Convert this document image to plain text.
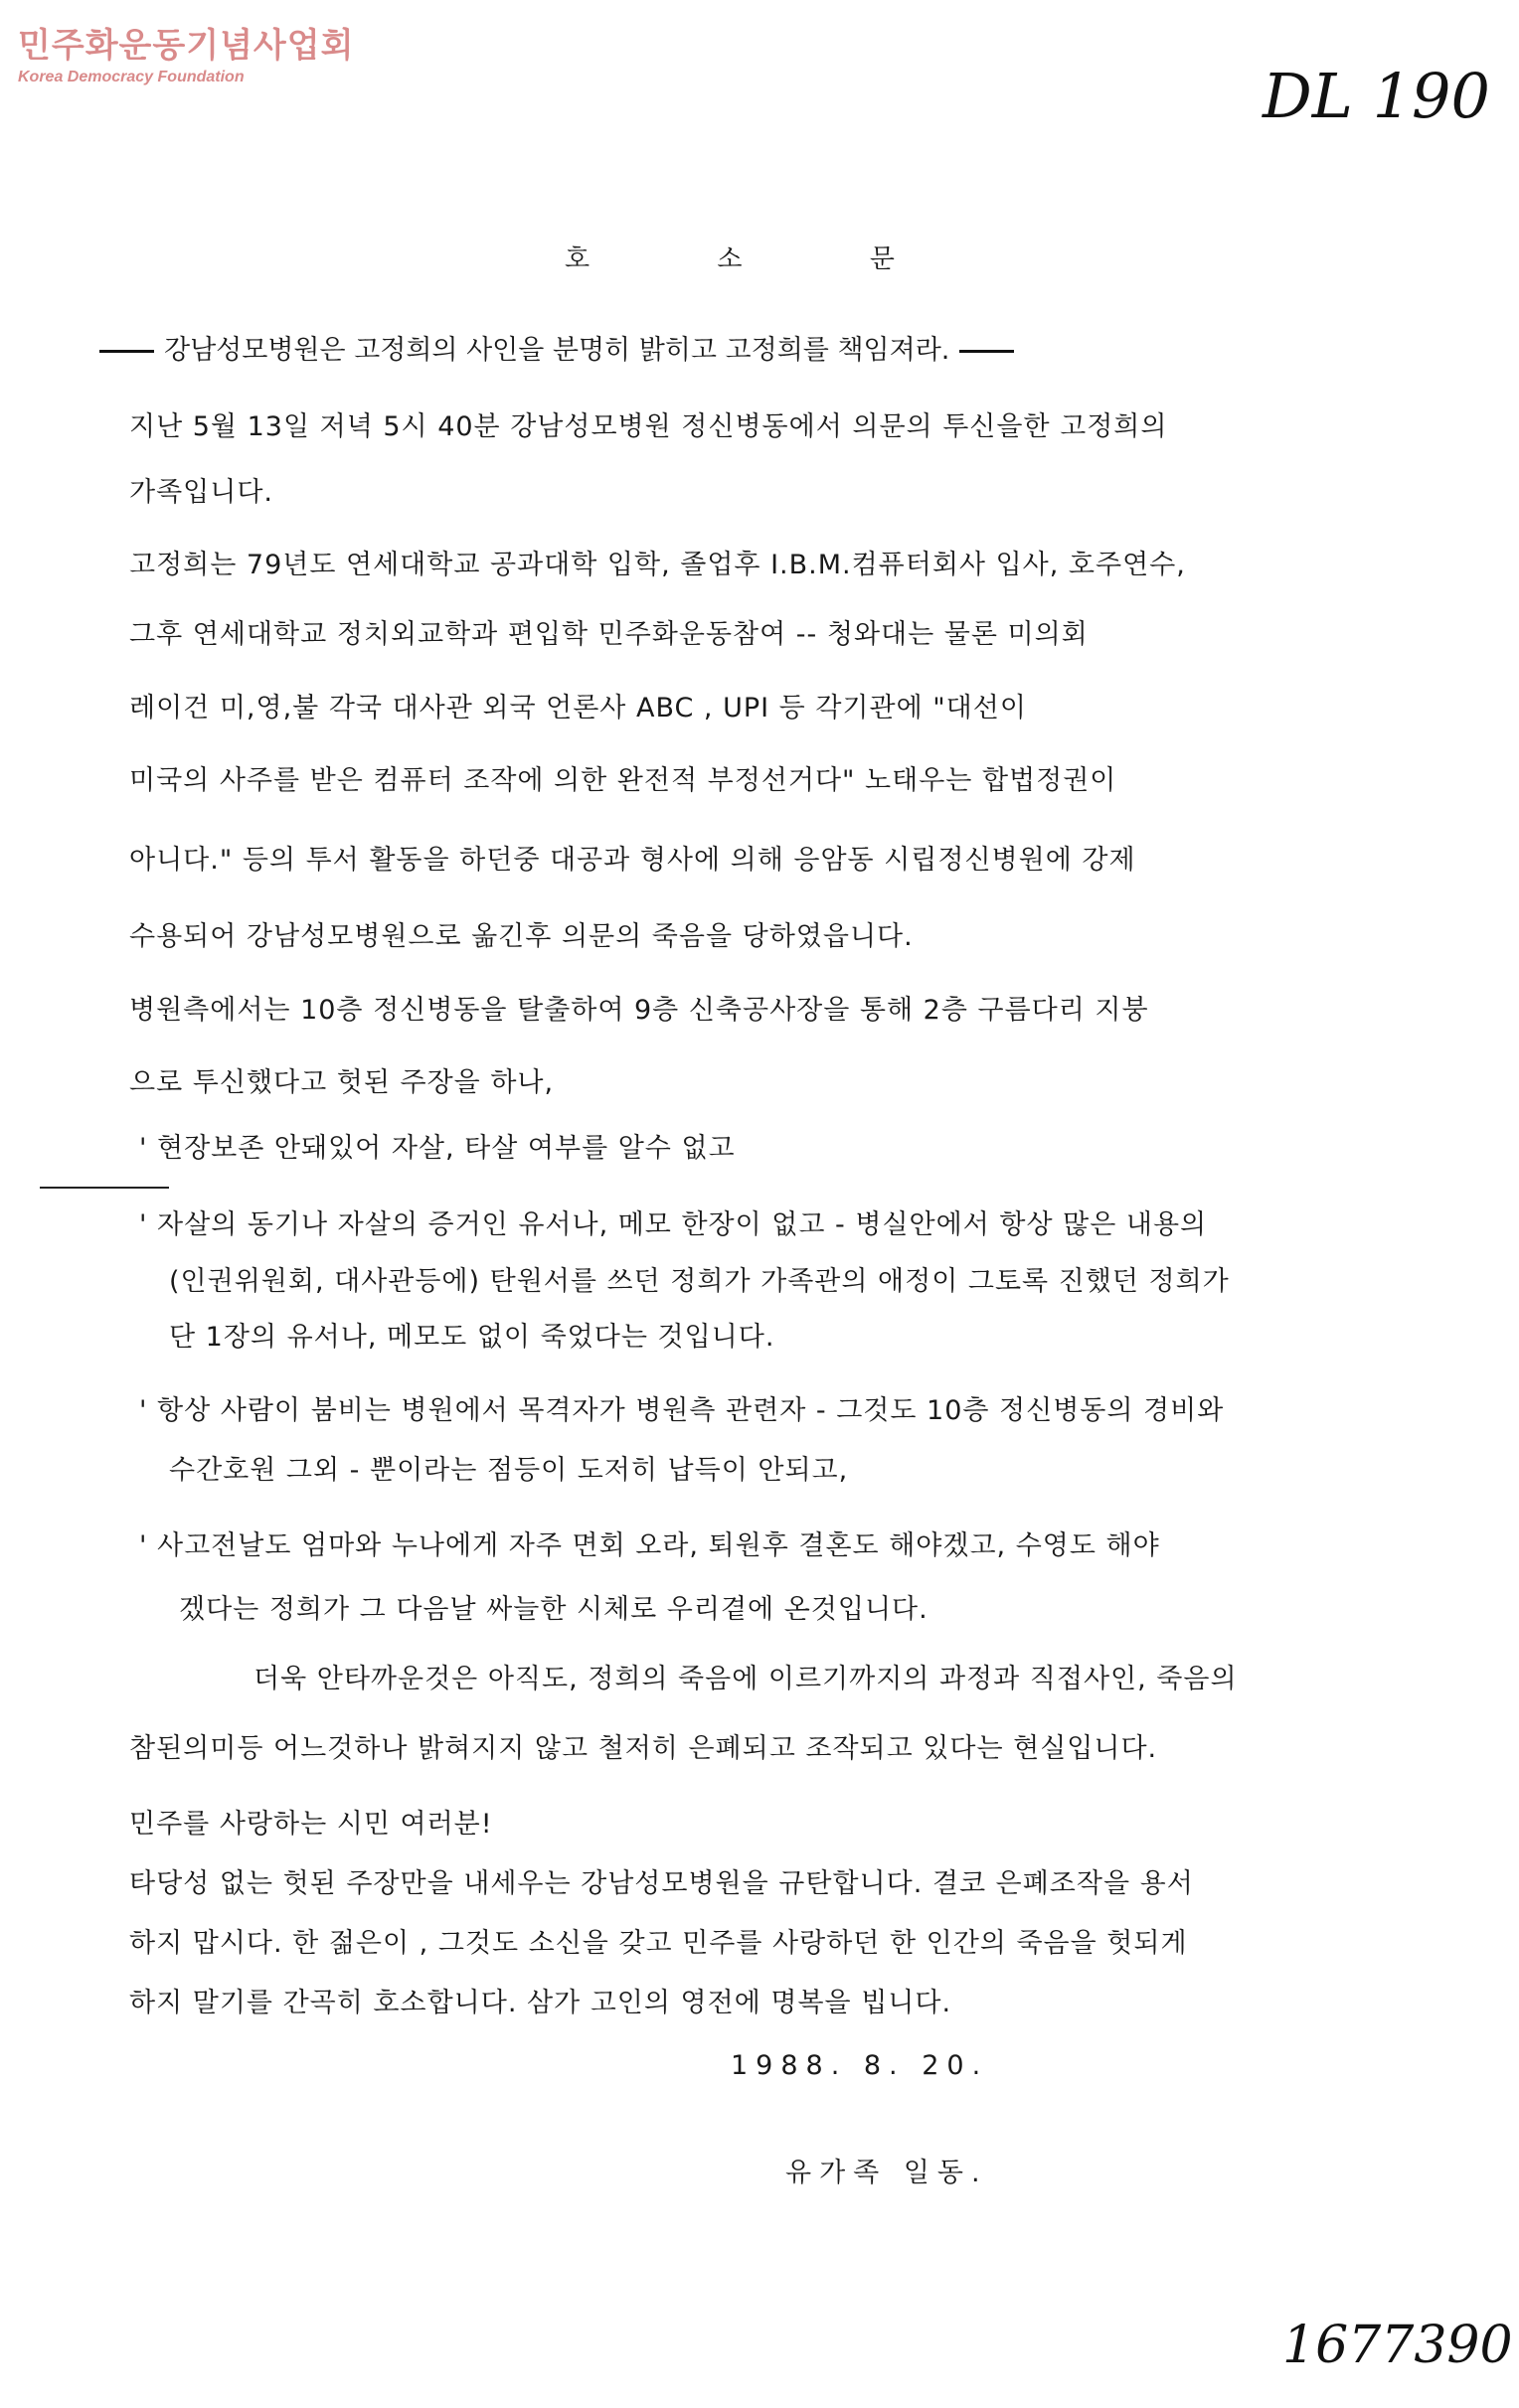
민주화운동기념사업회
Korea Democracy Foundation	DL 190
호 소 문
강남성모병원은 고정희의 사인을 분명히 밝히고 고정희를 책임져라.
지난 5월 13일 저녁 5시 40분 강남성모병원 정신병동에서 의문의 투신을한 고정희의
가족입니다.
고정희는 79년도 연세대학교 공과대학 입학, 졸업후 I.B.M.컴퓨터회사 입사, 호주연수,
그후 연세대학교 정치외교학과 편입학 민주화운동참여 -- 청와대는 물론 미의회
레이건 미,영,불 각국 대사관 외국 언론사 ABC , UPI 등 각기관에 "대선이
미국의 사주를 받은 컴퓨터 조작에 의한 완전적 부정선거다" 노태우는 합법정권이
아니다." 등의 투서 활동을 하던중 대공과 형사에 의해 응암동 시립정신병원에 강제
수용되어 강남성모병원으로 옮긴후 의문의 죽음을 당하였읍니다.
병원측에서는 10층 정신병동을 탈출하여 9층 신축공사장을 통해 2층 구름다리 지붕
으로 투신했다고 헛된 주장을 하나,
' 현장보존 안돼있어 자살, 타살 여부를 알수 없고
' 자살의 동기나 자살의 증거인 유서나, 메모 한장이 없고 - 병실안에서 항상 많은 내용의
(인권위원회, 대사관등에) 탄원서를 쓰던 정희가 가족관의 애정이 그토록 진했던 정희가
단 1장의 유서나, 메모도 없이 죽었다는 것입니다.
' 항상 사람이 붐비는 병원에서 목격자가 병원측 관련자 - 그것도 10층 정신병동의 경비와
수간호원 그외 - 뿐이라는 점등이 도저히 납득이 안되고,
' 사고전날도 엄마와 누나에게 자주 면회 오라, 퇴원후 결혼도 해야겠고, 수영도 해야
겠다는 정희가 그 다음날 싸늘한 시체로 우리곁에 온것입니다.
더욱 안타까운것은 아직도, 정희의 죽음에 이르기까지의 과정과 직접사인, 죽음의
참된의미등 어느것하나 밝혀지지 않고 철저히 은폐되고 조작되고 있다는 현실입니다.
민주를 사랑하는 시민 여러분!
타당성 없는 헛된 주장만을 내세우는 강남성모병원을 규탄합니다. 결코 은폐조작을 용서
하지 맙시다. 한 젊은이 , 그것도 소신을 갖고 민주를 사랑하던 한 인간의 죽음을 헛되게
하지 말기를 간곡히 호소합니다. 삼가 고인의 영전에 명복을 빕니다.
1988. 8. 20.
유가족 일동.
1677390
